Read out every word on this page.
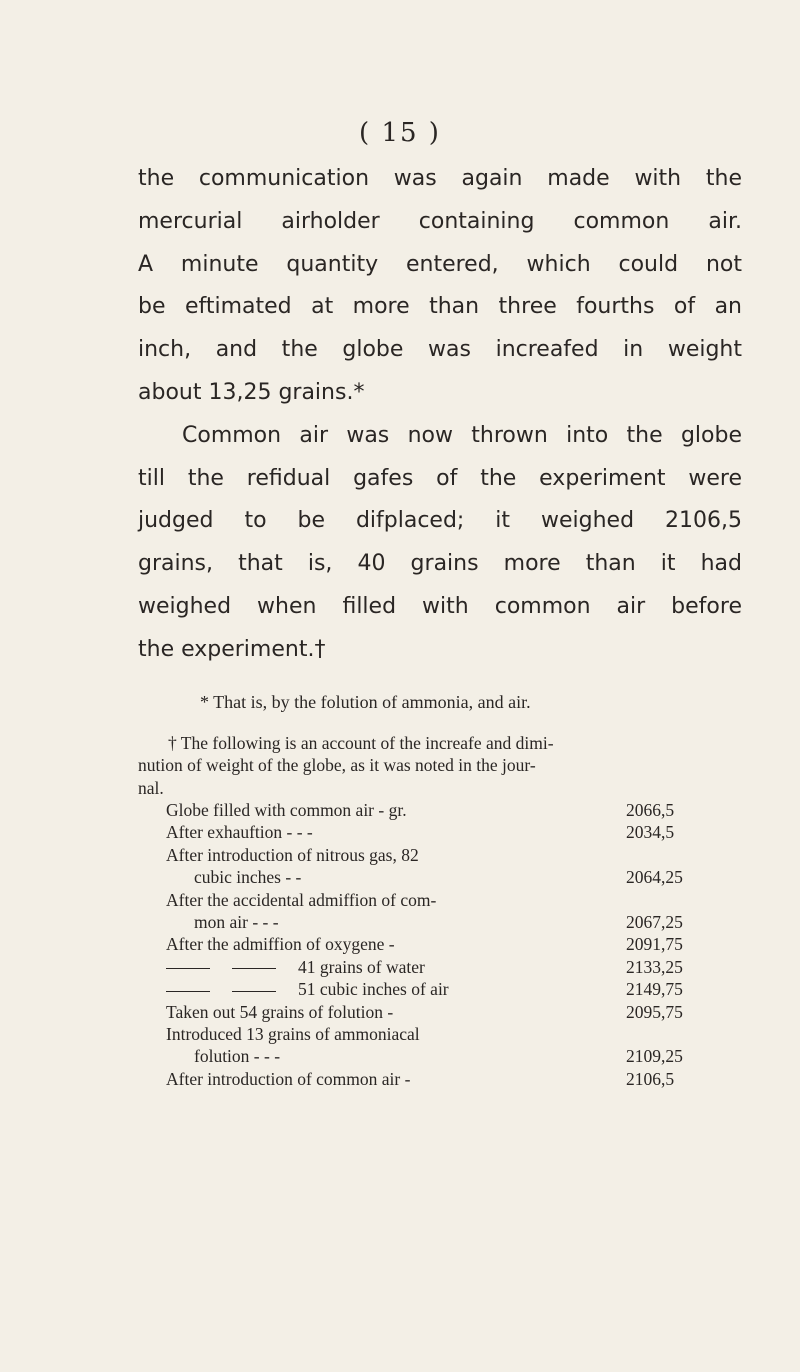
( 15 )
the communication was again made with the
mercurial airholder containing common air.
A minute quantity entered, which could not
be eftimated at more than three fourths of an
inch, and the globe was increafed in weight
about 13,25 grains.*
Common air was now thrown into the globe
till the refidual gafes of the experiment were
judged to be difplaced; it weighed 2106,5
grains, that is, 40 grains more than it had
weighed when filled with common air before
the experiment.†
* That is, by the folution of ammonia, and air.
† The following is an account of the increafe and dimi-
nution of weight of the globe, as it was noted in the jour-
nal.
Globe filled with common air - gr.	2066,5
After exhauftion - - -	2034,5
After introduction of nitrous gas, 82	
cubic inches - -	2064,25
After the accidental admiffion of com-	
mon air - - -	2067,25
After the admiffion of oxygene -	2091,75
41 grains of water	2133,25
51 cubic inches of air	2149,75
Taken out 54 grains of folution -	2095,75
Introduced 13 grains of ammoniacal	
folution - - -	2109,25
After introduction of common air -	2106,5
